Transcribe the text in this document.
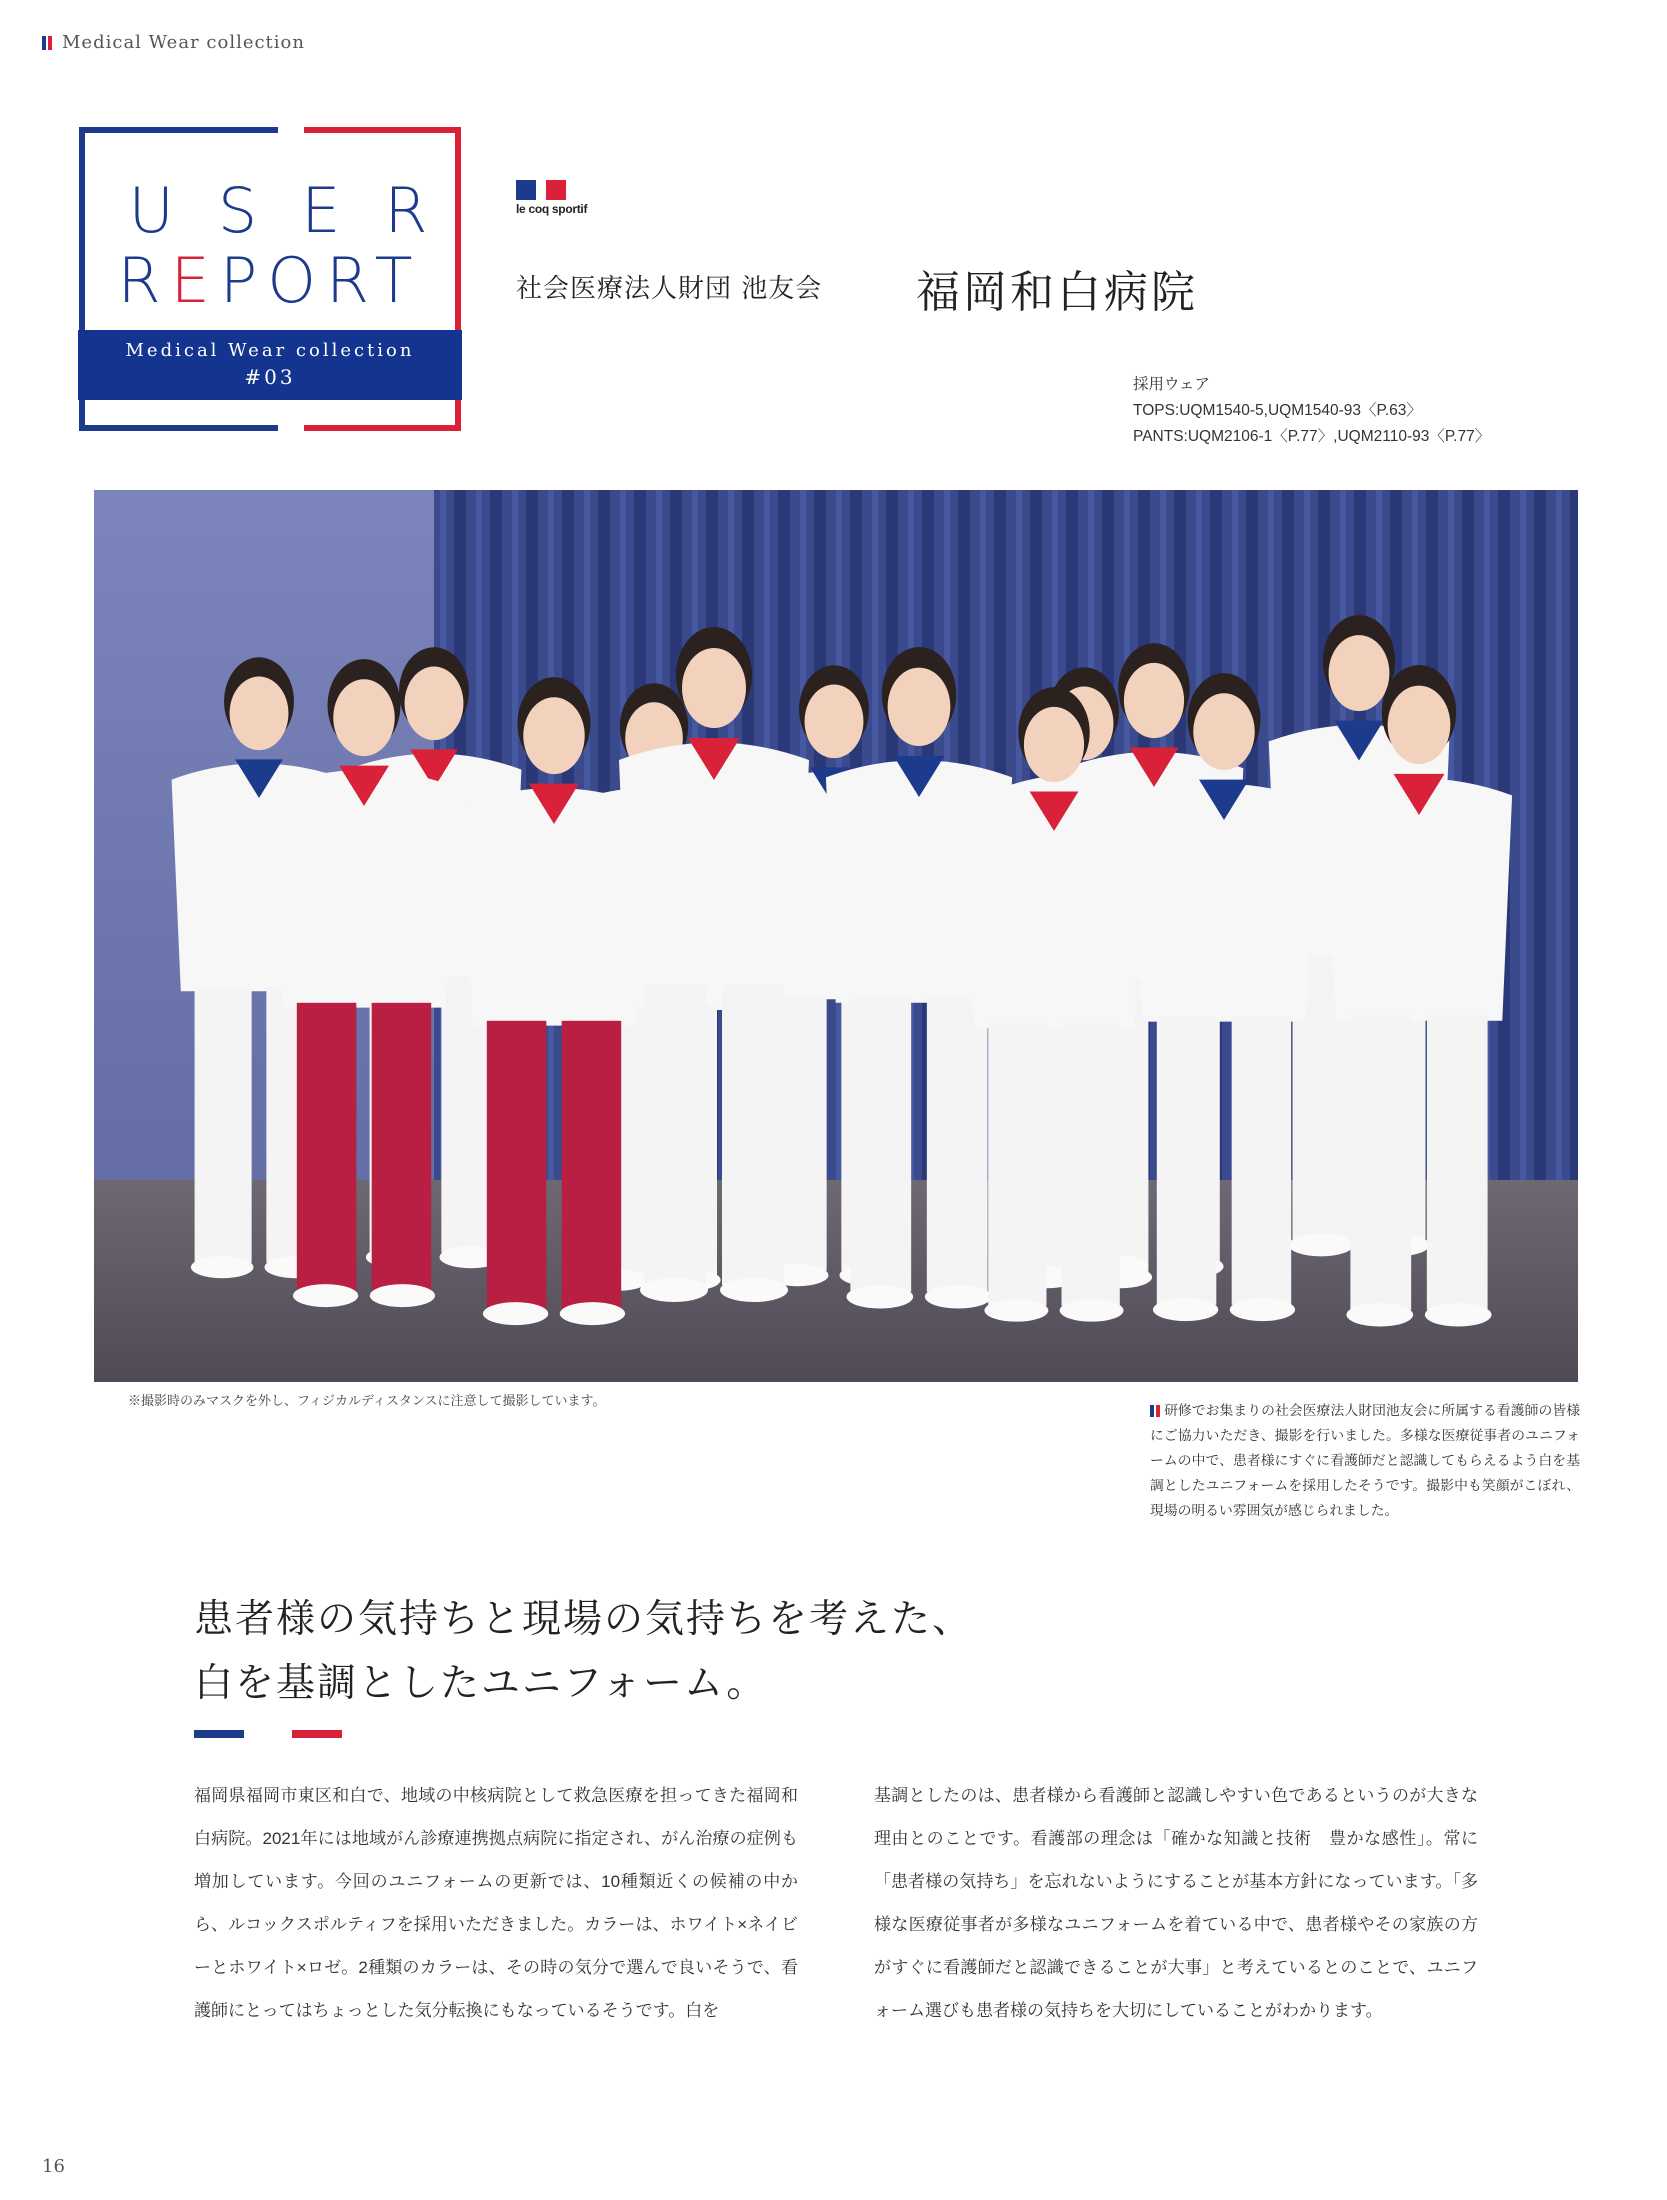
Medical Wear collection
USER
REPORT
Medical Wear collection
#03
le coq sportif
社会医療法人財団 池友会 福岡和白病院
採用ウェア
TOPS:UQM1540-5,UQM1540-93〈P.63〉
PANTS:UQM2106-1〈P.77〉,UQM2110-93〈P.77〉
※撮影時のみマスクを外し、フィジカルディスタンスに注意して撮影しています。
研修でお集まりの社会医療法人財団池友会に所属する看護師の皆様にご協力いただき、撮影を行いました。多様な医療従事者のユニフォームの中で、患者様にすぐに看護師だと認識してもらえるよう白を基調としたユニフォームを採用したそうです。撮影中も笑顔がこぼれ、現場の明るい雰囲気が感じられました。
患者様の気持ちと現場の気持ちを考えた、
白を基調としたユニフォーム。
福岡県福岡市東区和白で、地域の中核病院として救急医療を担ってきた福岡和白病院。2021年には地域がん診療連携拠点病院に指定され、がん治療の症例も増加しています。今回のユニフォームの更新では、10種類近くの候補の中から、ルコックスポルティフを採用いただきました。カラーは、ホワイト×ネイビーとホワイト×ロゼ。2種類のカラーは、その時の気分で選んで良いそうで、看護師にとってはちょっとした気分転換にもなっているそうです。白を
基調としたのは、患者様から看護師と認識しやすい色であるというのが大きな理由とのことです。看護部の理念は「確かな知識と技術　豊かな感性」。常に「患者様の気持ち」を忘れないようにすることが基本方針になっています。「多様な医療従事者が多様なユニフォームを着ている中で、患者様やその家族の方がすぐに看護師だと認識できることが大事」と考えているとのことで、ユニフォーム選びも患者様の気持ちを大切にしていることがわかります。
16
